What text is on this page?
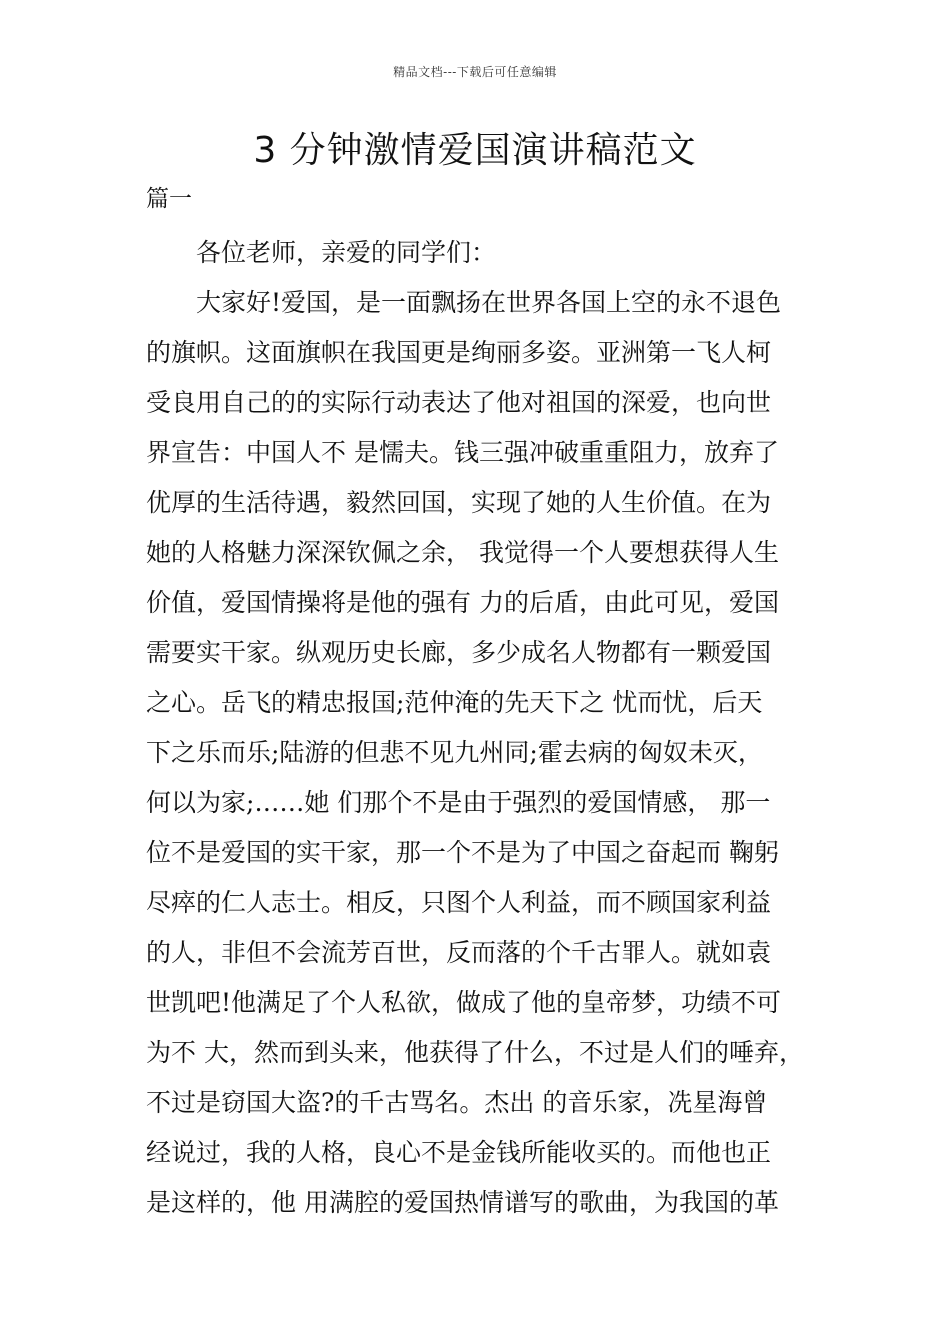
精品文档---下载后可任意编辑
3 分钟激情爱国演讲稿范文
篇一
各位老师，亲爱的同学们：
大家好!爱国，是一面飘扬在世界各国上空的永不退色
的旗帜。这面旗帜在我国更是绚丽多姿。亚洲第一飞人柯
受良用自己的的实际行动表达了他对祖国的深爱，也向世
界宣告：中国人不 是懦夫。钱三强冲破重重阻力，放弃了
优厚的生活待遇，毅然回国，实现了她的人生价值。在为
她的人格魅力深深钦佩之余， 我觉得一个人要想获得人生
价值，爱国情操将是他的强有 力的后盾，由此可见，爱国
需要实干家。纵观历史长廊，多少成名人物都有一颗爱国
之心。岳飞的精忠报国;范仲淹的先天下之 忧而忧，后天
下之乐而乐;陆游的但悲不见九州同;霍去病的匈奴未灭，
何以为家;……她 们那个不是由于强烈的爱国情感， 那一
位不是爱国的实干家，那一个不是为了中国之奋起而 鞠躬
尽瘁的仁人志士。相反，只图个人利益，而不顾国家利益
的人，非但不会流芳百世，反而落的个千古罪人。就如袁
世凯吧!他满足了个人私欲，做成了他的皇帝梦，功绩不可
为不 大，然而到头来，他获得了什么，不过是人们的唾弃，
不过是窃国大盗?的千古骂名。杰出 的音乐家，冼星海曾
经说过，我的人格，良心不是金钱所能收买的。而他也正
是这样的，他 用满腔的爱国热情谱写的歌曲，为我国的革
